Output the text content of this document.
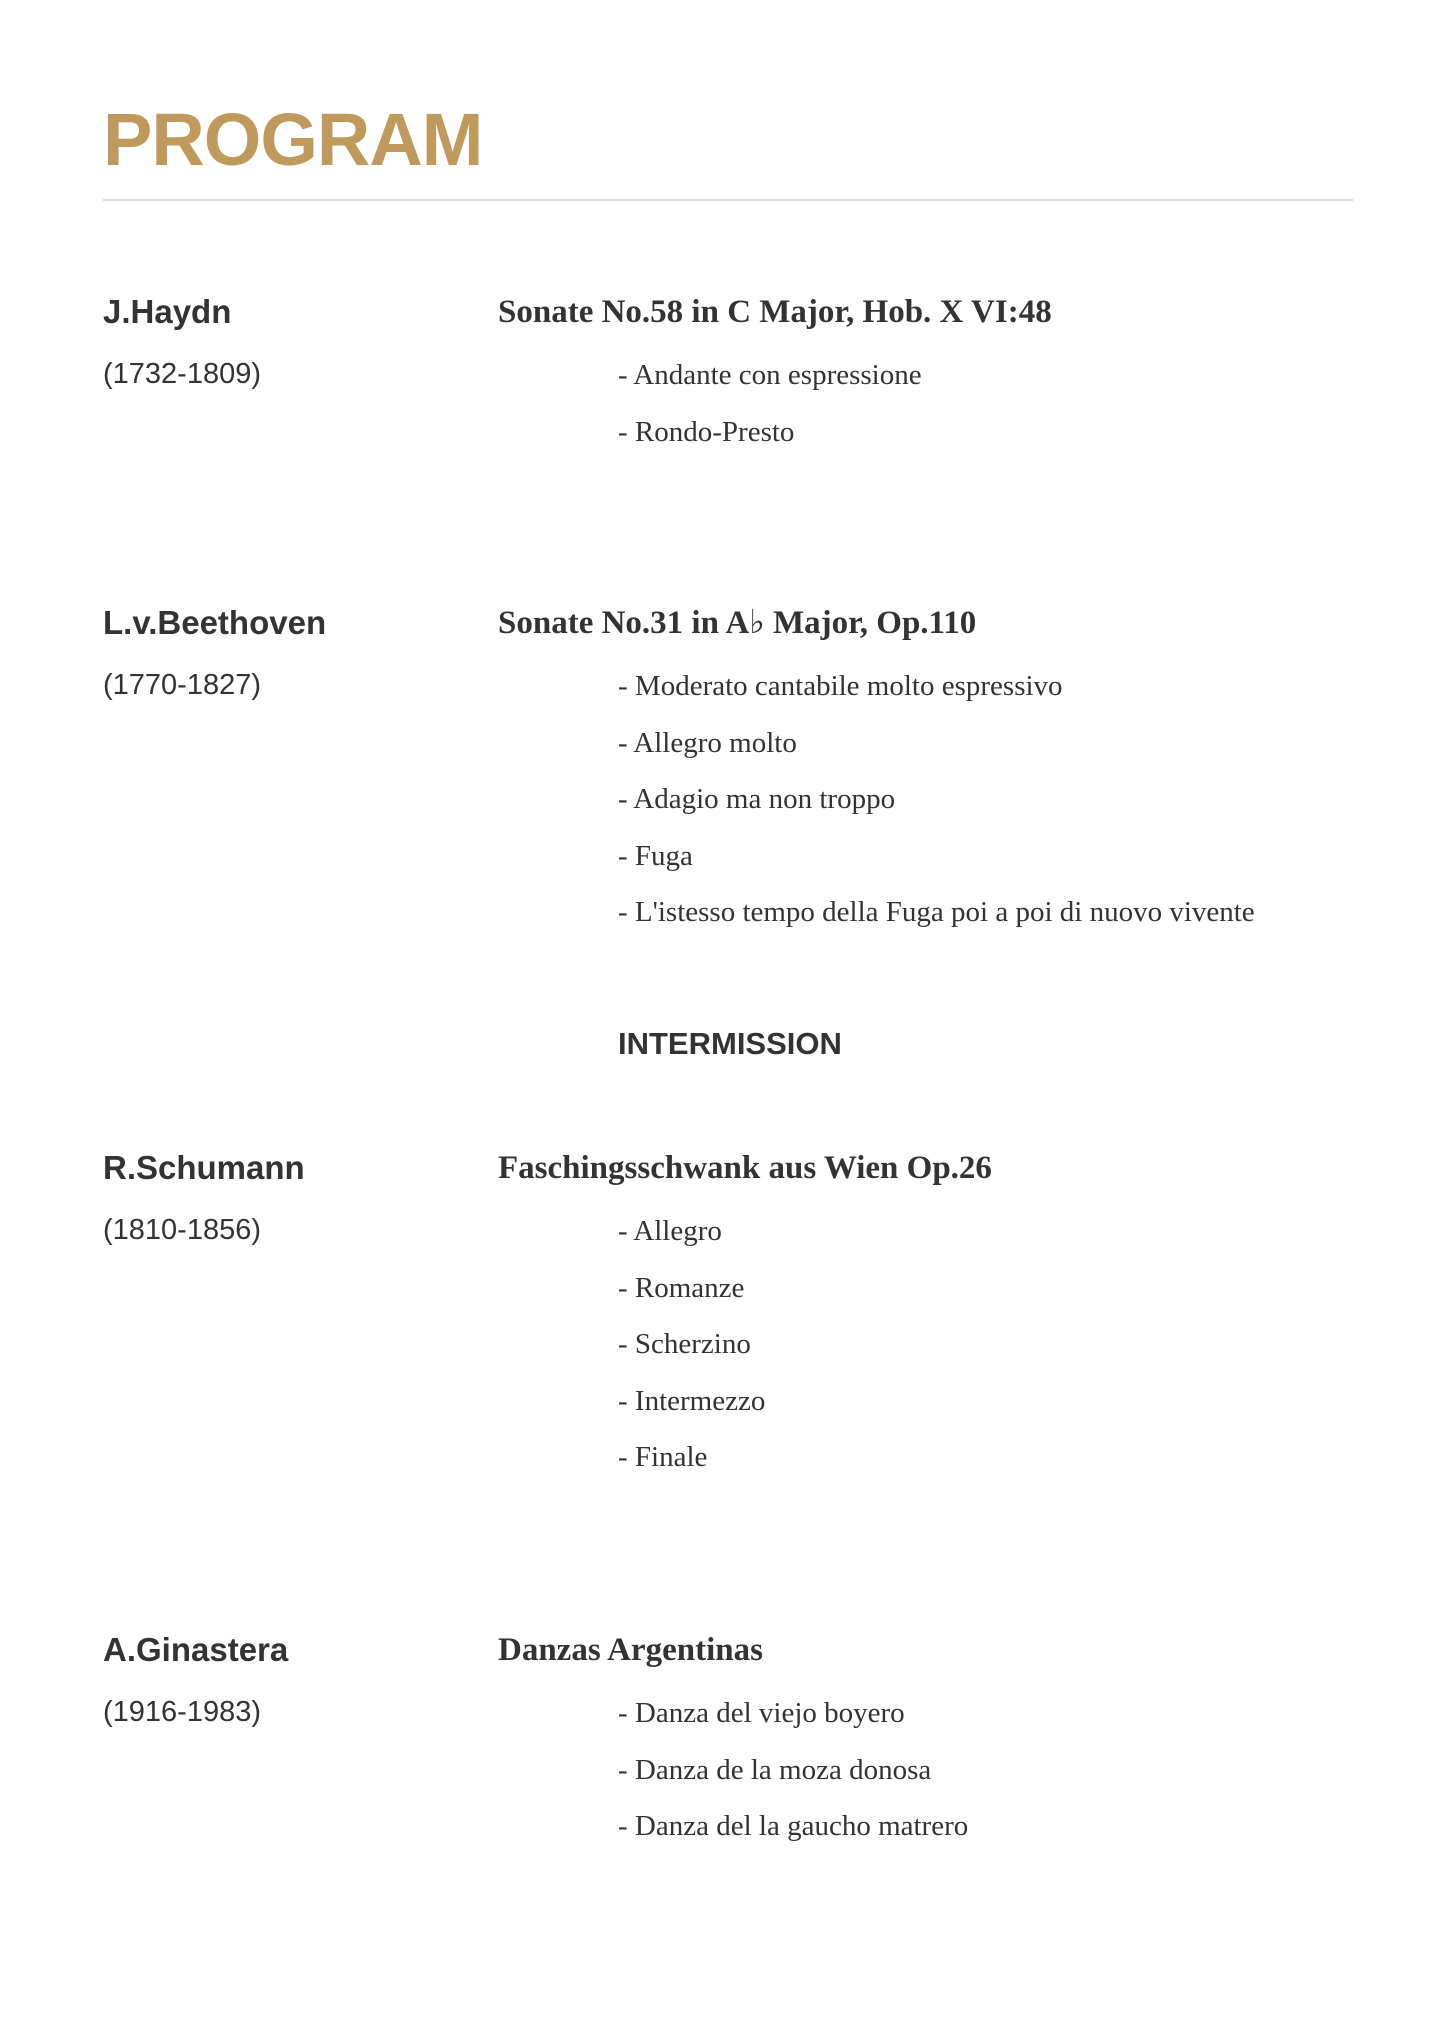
PROGRAM
J.Haydn

(1732-1809)

Sonate No.58 in C Major, Hob. X VI:48
- Andante con espressione
- Rondo-Presto
L.v.Beethoven

(1770-1827)

Sonate No.31 in A♭ Major, Op.110
- Moderato cantabile molto espressivo
- Allegro molto
- Adagio ma non troppo
- Fuga
- L'istesso tempo della Fuga poi a poi di nuovo vivente
INTERMISSION
R.Schumann

(1810-1856)

Faschingsschwank aus Wien Op.26
- Allegro
- Romanze
- Scherzino
- Intermezzo
- Finale
A.Ginastera

(1916-1983)

Danzas Argentinas
- Danza del viejo boyero
- Danza de la moza donosa
- Danza del la gaucho matrero
